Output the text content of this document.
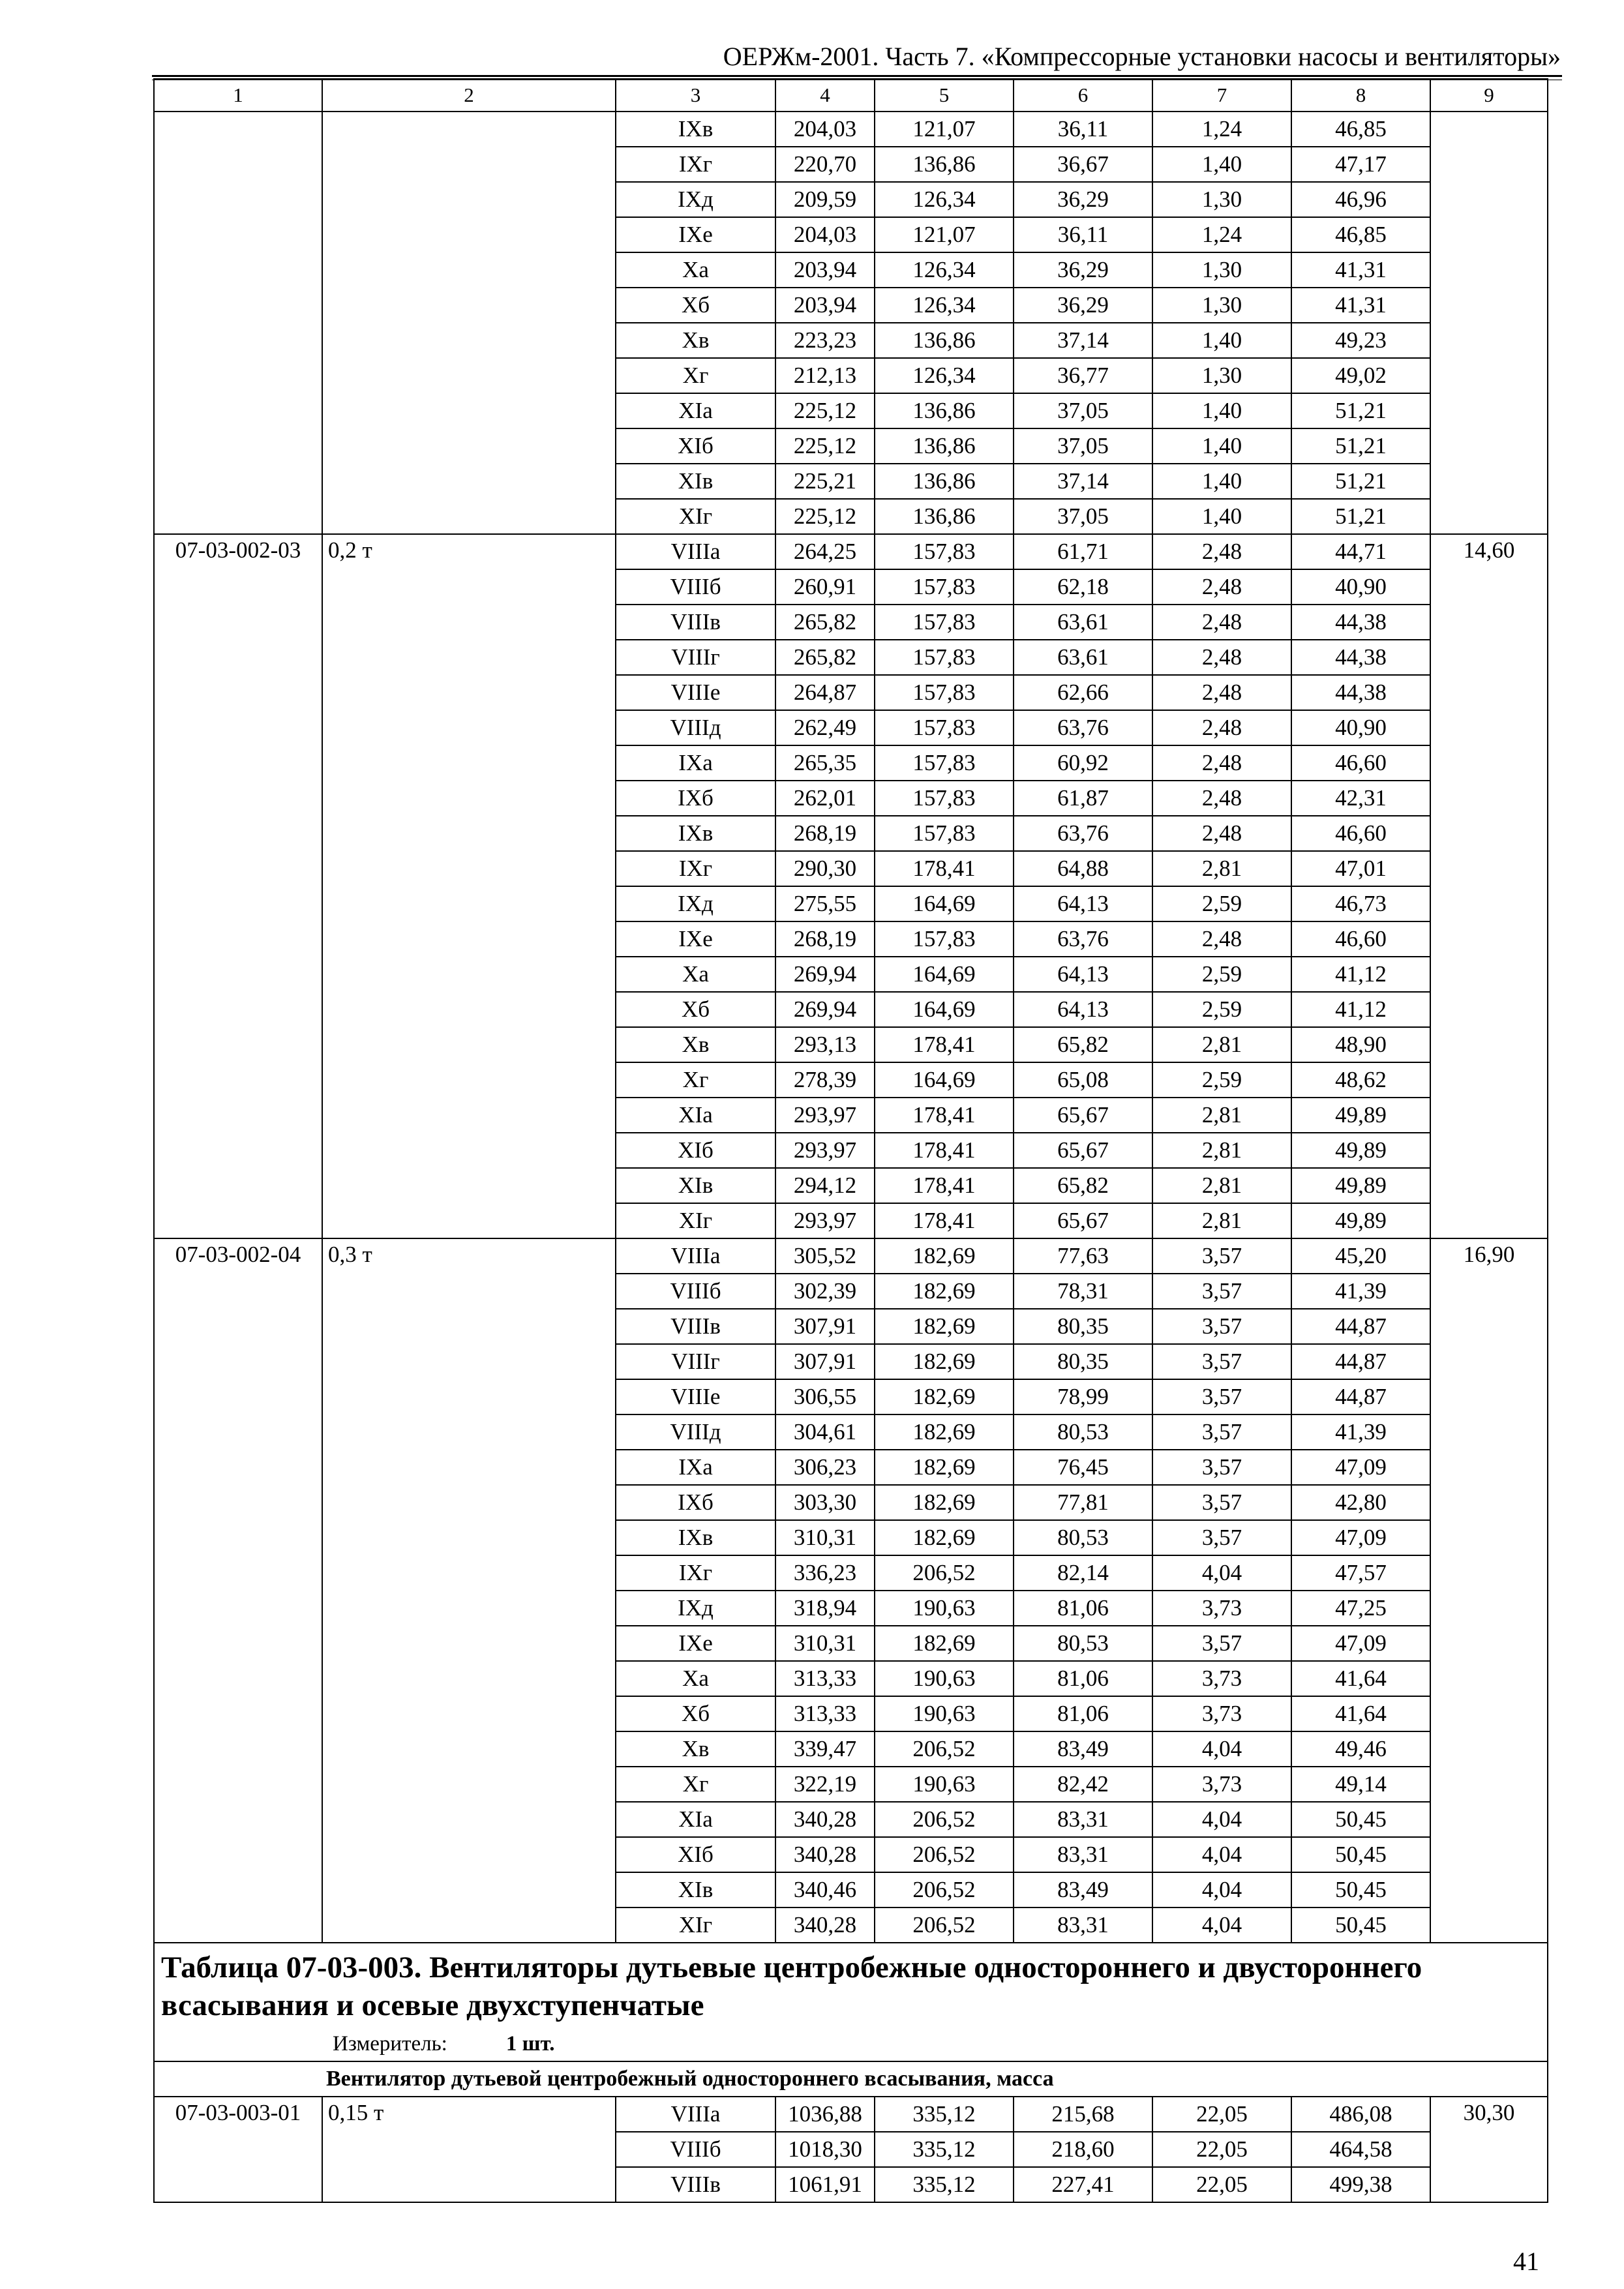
ОЕРЖм-2001. Часть 7. «Компрессорные установки насосы и вентиляторы»
1	2	3	4	5	6	7	8	9
		IXв	204,03	121,07	36,11	1,24	46,85	
		IXг	220,70	136,86	36,67	1,40	47,17	
		IXд	209,59	126,34	36,29	1,30	46,96	
		IXе	204,03	121,07	36,11	1,24	46,85	
		Xа	203,94	126,34	36,29	1,30	41,31	
		Xб	203,94	126,34	36,29	1,30	41,31	
		Xв	223,23	136,86	37,14	1,40	49,23	
		Xг	212,13	126,34	36,77	1,30	49,02	
		XIа	225,12	136,86	37,05	1,40	51,21	
		XIб	225,12	136,86	37,05	1,40	51,21	
		XIв	225,21	136,86	37,14	1,40	51,21	
		XIг	225,12	136,86	37,05	1,40	51,21	
07-03-002-03	0,2 т	VIIIа	264,25	157,83	61,71	2,48	44,71	14,60
		VIIIб	260,91	157,83	62,18	2,48	40,90	
		VIIIв	265,82	157,83	63,61	2,48	44,38	
		VIIIг	265,82	157,83	63,61	2,48	44,38	
		VIIIе	264,87	157,83	62,66	2,48	44,38	
		VIIIд	262,49	157,83	63,76	2,48	40,90	
		IXа	265,35	157,83	60,92	2,48	46,60	
		IXб	262,01	157,83	61,87	2,48	42,31	
		IXв	268,19	157,83	63,76	2,48	46,60	
		IXг	290,30	178,41	64,88	2,81	47,01	
		IXд	275,55	164,69	64,13	2,59	46,73	
		IXе	268,19	157,83	63,76	2,48	46,60	
		Xа	269,94	164,69	64,13	2,59	41,12	
		Xб	269,94	164,69	64,13	2,59	41,12	
		Xв	293,13	178,41	65,82	2,81	48,90	
		Xг	278,39	164,69	65,08	2,59	48,62	
		XIа	293,97	178,41	65,67	2,81	49,89	
		XIб	293,97	178,41	65,67	2,81	49,89	
		XIв	294,12	178,41	65,82	2,81	49,89	
		XIг	293,97	178,41	65,67	2,81	49,89	
07-03-002-04	0,3 т	VIIIа	305,52	182,69	77,63	3,57	45,20	16,90
		VIIIб	302,39	182,69	78,31	3,57	41,39	
		VIIIв	307,91	182,69	80,35	3,57	44,87	
		VIIIг	307,91	182,69	80,35	3,57	44,87	
		VIIIе	306,55	182,69	78,99	3,57	44,87	
		VIIIд	304,61	182,69	80,53	3,57	41,39	
		IXа	306,23	182,69	76,45	3,57	47,09	
		IXб	303,30	182,69	77,81	3,57	42,80	
		IXв	310,31	182,69	80,53	3,57	47,09	
		IXг	336,23	206,52	82,14	4,04	47,57	
		IXд	318,94	190,63	81,06	3,73	47,25	
		IXе	310,31	182,69	80,53	3,57	47,09	
		Xа	313,33	190,63	81,06	3,73	41,64	
		Xб	313,33	190,63	81,06	3,73	41,64	
		Xв	339,47	206,52	83,49	4,04	49,46	
		Xг	322,19	190,63	82,42	3,73	49,14	
		XIа	340,28	206,52	83,31	4,04	50,45	
		XIб	340,28	206,52	83,31	4,04	50,45	
		XIв	340,46	206,52	83,49	4,04	50,45	
		XIг	340,28	206,52	83,31	4,04	50,45	

Таблица 07-03-003. Вентиляторы дутьевые центробежные одностороннего и двустороннего всасывания и осевые двухступенчатые
Измеритель: 1 шт.								

Вентилятор дутьевой центробежный одностороннего всасывания, масса								
07-03-003-01	0,15 т	VIIIа	1036,88	335,12	215,68	22,05	486,08	30,30
		VIIIб	1018,30	335,12	218,60	22,05	464,58	
		VIIIв	1061,91	335,12	227,41	22,05	499,38	
41
